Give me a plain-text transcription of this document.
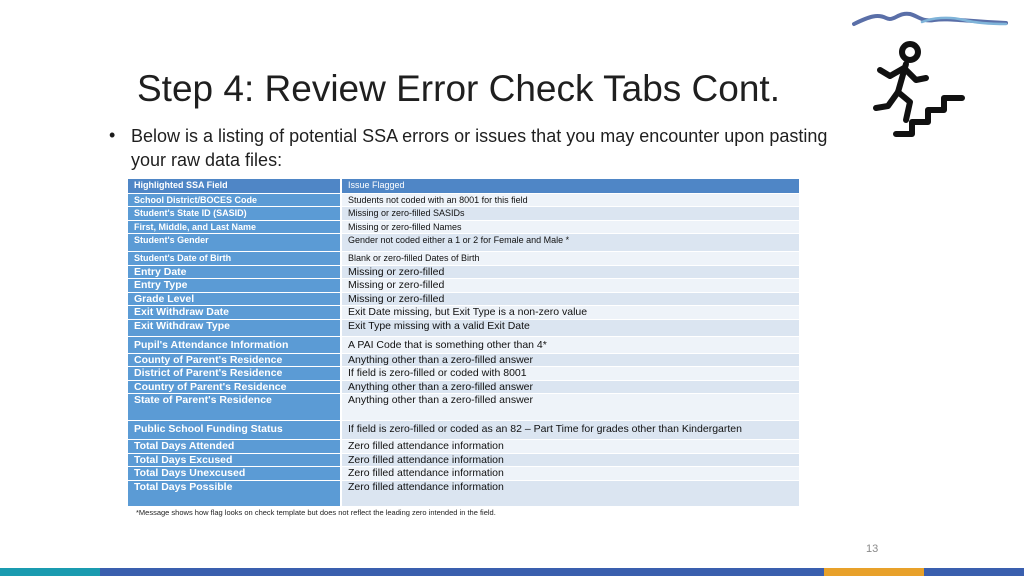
Step 4: Review Error Check Tabs Cont.
• Below is a listing of potential SSA errors or issues that you may encounter upon pasting your raw data files:
Highlighted SSA Field	Issue Flagged
School District/BOCES Code	Students not coded with an 8001 for this field
Student's State ID (SASID)	Missing or zero-filled SASIDs
First, Middle, and Last Name	Missing or zero-filled Names
Student's Gender	Gender not coded either a 1 or 2 for Female and Male *
Student's Date of Birth	Blank or zero-filled Dates of Birth
Entry Date	Missing or zero-filled
Entry Type	Missing or zero-filled
Grade Level	Missing or zero-filled
Exit Withdraw Date	Exit Date missing, but Exit Type is a non-zero value
Exit Withdraw Type	Exit Type missing with a valid Exit Date
Pupil's Attendance Information	A PAI Code that is something other than 4*
County of Parent's Residence	Anything other than a zero-filled answer
District of Parent's Residence	If field is zero-filled or coded with 8001
Country of Parent's Residence	Anything other than a zero-filled answer
State of Parent's Residence	Anything other than a zero-filled answer
Public School Funding Status	If field is zero-filled or coded as an 82 – Part Time for grades other than Kindergarten
Total Days Attended	Zero filled attendance information
Total Days Excused	Zero filled attendance information
Total Days Unexcused	Zero filled attendance information
Total Days Possible	Zero filled attendance information
*Message shows how flag looks on check template but does not reflect the leading zero intended in the field.
13
